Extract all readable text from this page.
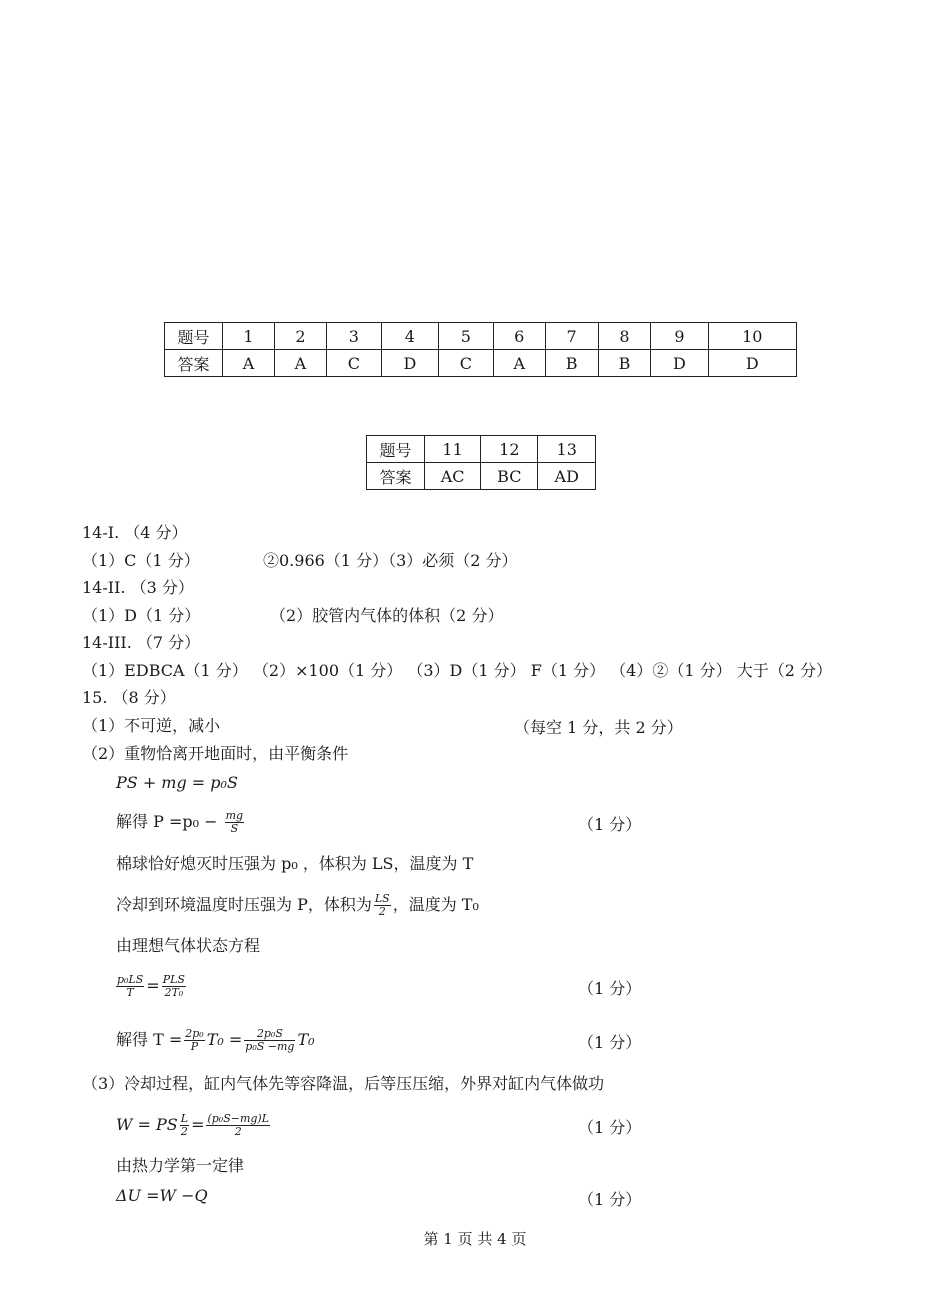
题号	1	2	3	4	5	6	7	8	9	10
答案	A	A	C	D	C	A	B	B	D	D
题号	11	12	13
答案	AC	BC	AD
14-I. （4 分）
（1）C（1 分）	②0.966（1 分）（3）必须（2 分）
14-II. （3 分）
（1）D（1 分）	（2）胶管内气体的体积（2 分）
14-III. （7 分）
（1）EDBCA（1 分） （2）×100（1 分） （3）D（1 分） F（1 分） （4）②（1 分） 大于（2 分）
15. （8 分）
（1）不可逆，减小	（每空 1 分，共 2 分）
（2）重物恰离开地面时，由平衡条件
PS + mg = p₀S
解得 $P =p_0 - \frac{mg}{S}$	（1 分）
棉球恰好熄灭时压强为 p₀ ，体积为 LS，温度为 T
冷却到环境温度时压强为 P，体积为 $\frac{LS}{2}$ ，温度为 T₀
由理想气体状态方程
$\frac{\text{p₀LS}}{T} = \frac{\text{PLS}}{\text{2T₀}}$	（1 分）
解得 $T = \frac{\text{2p₀}}{P} T_0 = \frac{\text{2p₀S}}{\text{p₀S −mg}} T_0$	（1 分）
（3）冷却过程，缸内气体先等容降温，后等压压缩，外界对缸内气体做功
W = PS $\frac{L}{2} = \frac{\text{(p₀S−mg)L}}{2}$	（1 分）
由热力学第一定律
ΔU =W −Q	（1 分）
第 1 页 共 4 页
